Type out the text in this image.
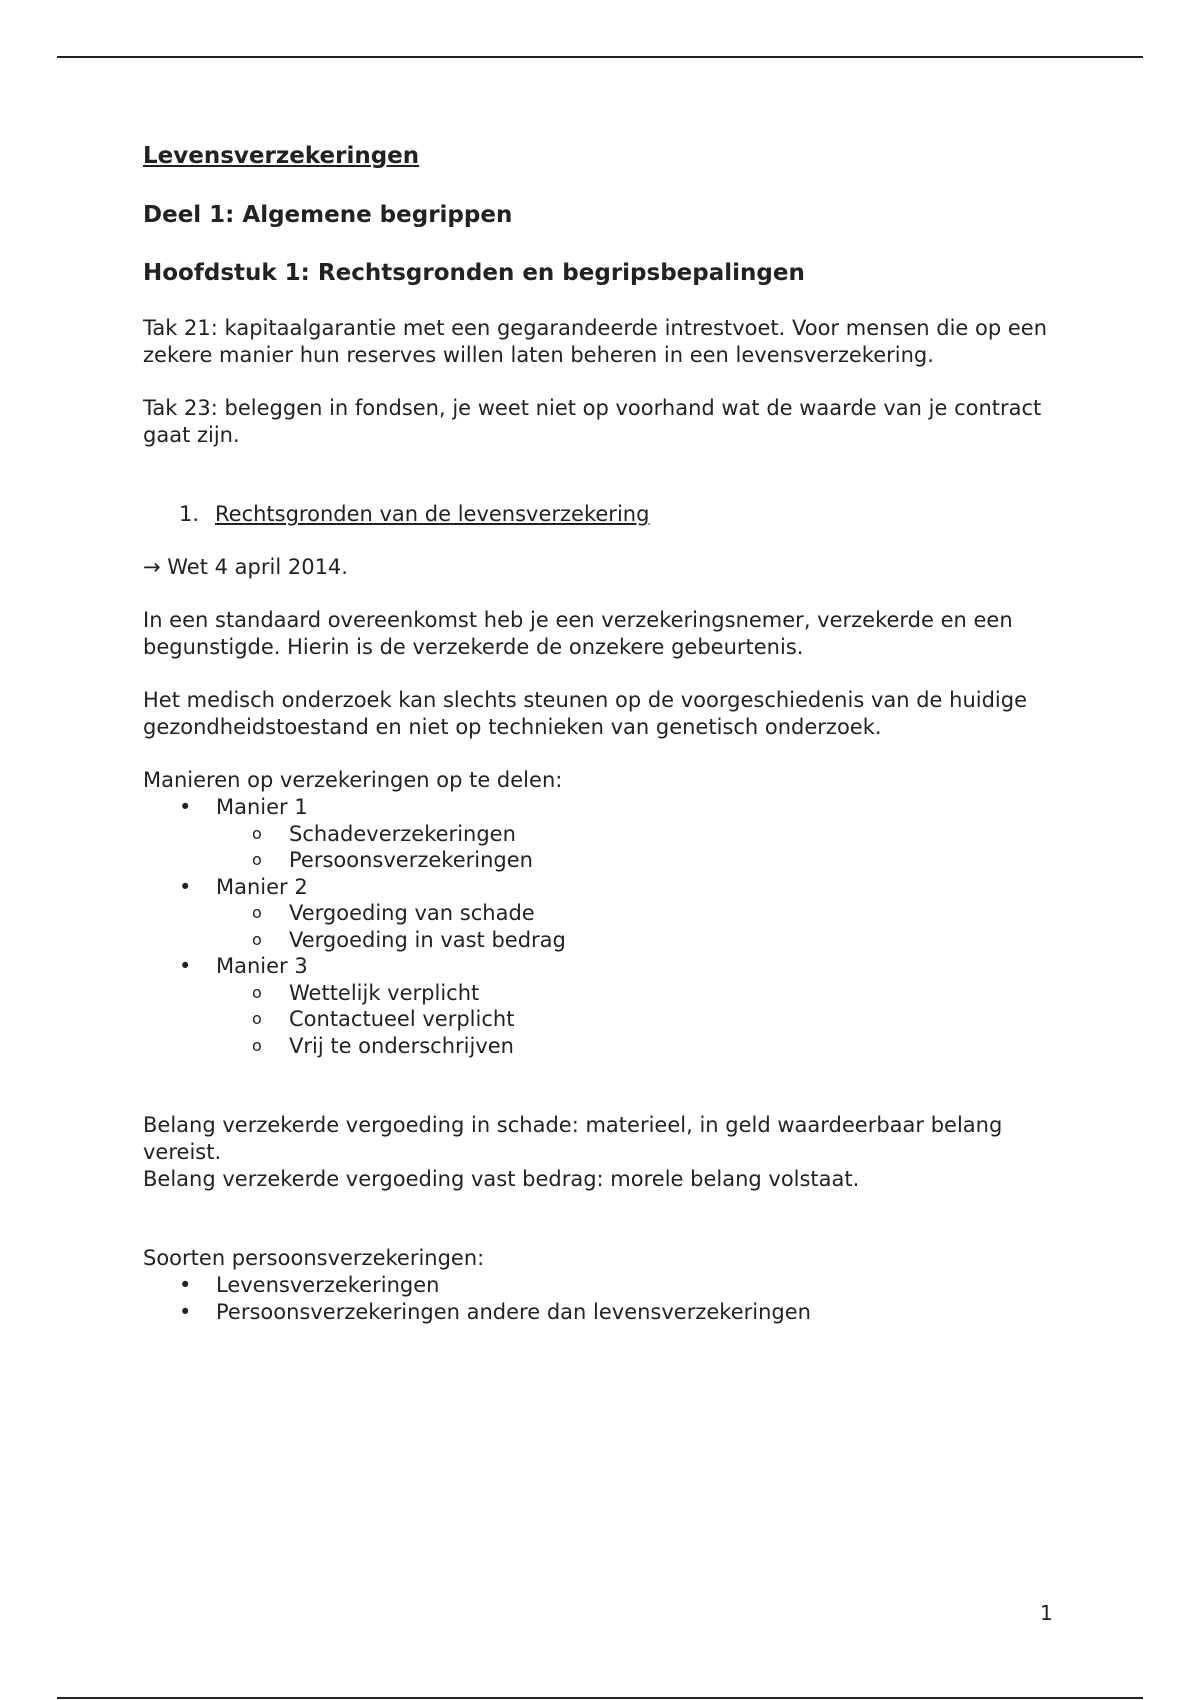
Levensverzekeringen
Deel 1: Algemene begrippen
Hoofdstuk 1: Rechtsgronden en begripsbepalingen

Tak 21: kapitaalgarantie met een gegarandeerde intrestvoet. Voor mensen die op een zekere manier hun reserves willen laten beheren in een levensverzekering.

Tak 23: beleggen in fondsen, je weet niet op voorhand wat de waarde van je contract gaat zijn.

1. Rechtsgronden van de levensverzekering

→ Wet 4 april 2014.

In een standaard overeenkomst heb je een verzekeringsnemer, verzekerde en een begunstigde. Hierin is de verzekerde de onzekere gebeurtenis.

Het medisch onderzoek kan slechts steunen op de voorgeschiedenis van de huidige gezondheidstoestand en niet op technieken van genetisch onderzoek.

Manieren op verzekeringen op te delen:

• Manier 1
o Schadeverzekeringen
o Persoonsverzekeringen
• Manier 2
o Vergoeding van schade
o Vergoeding in vast bedrag
• Manier 3
o Wettelijk verplicht
o Contactueel verplicht
o Vrij te onderschrijven

Belang verzekerde vergoeding in schade: materieel, in geld waardeerbaar belang vereist.

Belang verzekerde vergoeding vast bedrag: morele belang volstaat.

Soorten persoonsverzekeringen:

• Levensverzekeringen
• Persoonsverzekeringen andere dan levensverzekeringen
1
